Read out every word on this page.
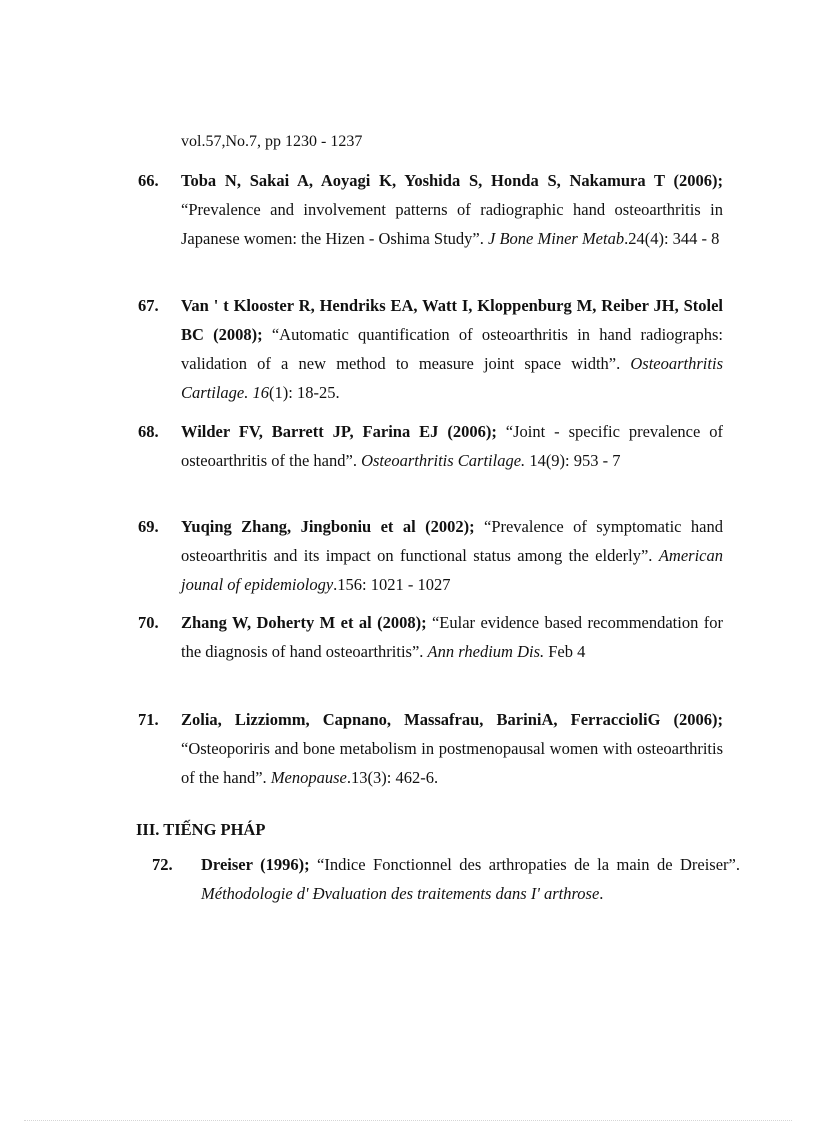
vol.57,No.7, pp 1230 - 1237
66. Toba N, Sakai A, Aoyagi K, Yoshida S, Honda S, Nakamura T (2006); “Prevalence and involvement patterns of radiographic hand osteoarthritis in Japanese women: the Hizen - Oshima Study”. J Bone Miner Metab.24(4): 344 - 8
67. Van ' t Klooster R, Hendriks EA, Watt I, Kloppenburg M, Reiber JH, Stolel BC (2008); “Automatic quantification of osteoarthritis in hand radiographs: validation of a new method to measure joint space width”. Osteoarthritis Cartilage. 16(1): 18-25.
68. Wilder FV, Barrett JP, Farina EJ (2006); “Joint - specific prevalence of osteoarthritis of the hand”. Osteoarthritis Cartilage. 14(9): 953 - 7
69. Yuqing Zhang, Jingboniu et al (2002); “Prevalence of symptomatic hand osteoarthritis and its impact on functional status among the elderly”. American jounal of epidemiology.156: 1021 - 1027
70. Zhang W, Doherty M et al (2008); “Eular evidence based recommendation for the diagnosis of hand osteoarthritis”. Ann rhedium Dis. Feb 4
71. Zolia, Lizziomm, Capnano, Massafrau, BariniA, FerraccioliG (2006); “Osteoporiris and bone metabolism in postmenopausal women with osteoarthritis of the hand”. Menopause.13(3): 462-6.
III. TIẾNG PHÁP
72. Dreiser (1996); “Indice Fonctionnel des arthropaties de la main de Dreiser”. Méthodologie d' Ðvaluation des traitements dans I' arthrose.
